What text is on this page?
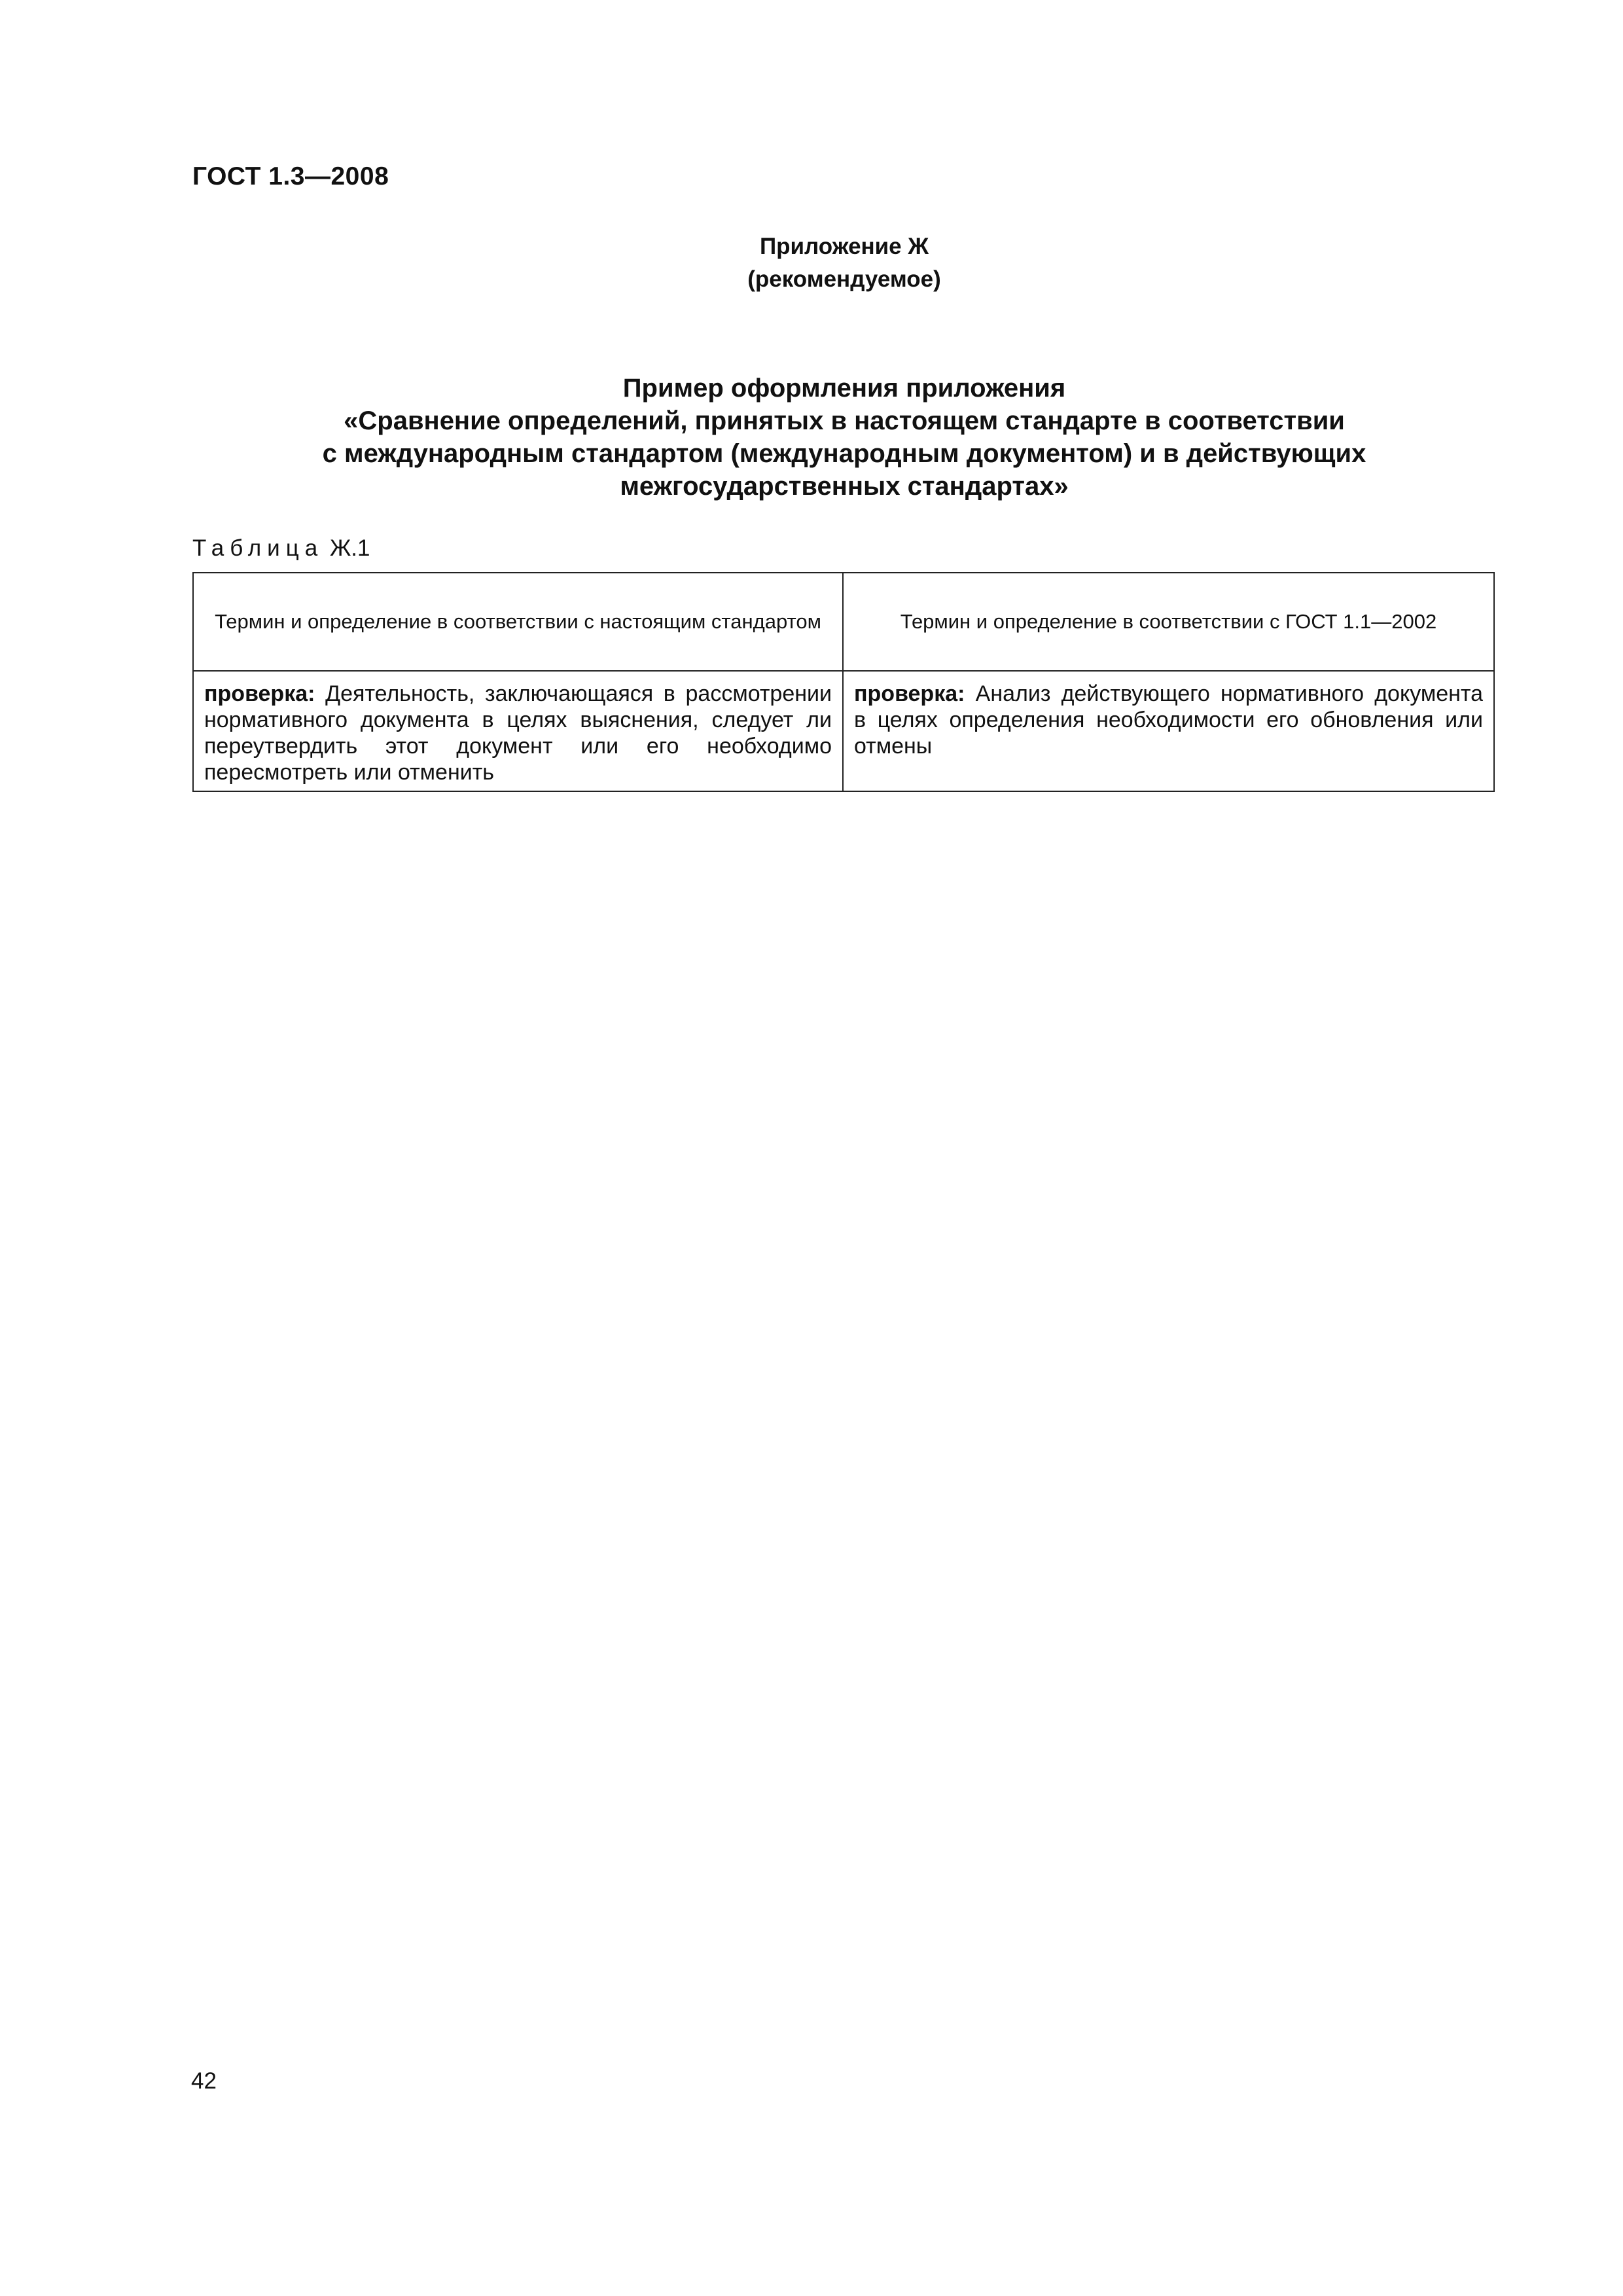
ГОСТ 1.3—2008
Приложение Ж
(рекомендуемое)
Пример оформления приложения
«Сравнение определений, принятых в настоящем стандарте в соответствии
с международным стандартом (международным документом) и в действующих
межгосударственных стандартах»
Таблица Ж.1
Термин и определение в соответствии с настоящим стандартом	Термин и определение в соответствии с ГОСТ 1.1—2002
проверка: Деятельность, заключающаяся в рассмотрении нормативного документа в целях выяснения, следует ли переутвердить этот документ или его необходимо пересмотреть или отменить	проверка: Анализ действующего нормативного документа в целях определения необходимости его обновления или отмены
42
